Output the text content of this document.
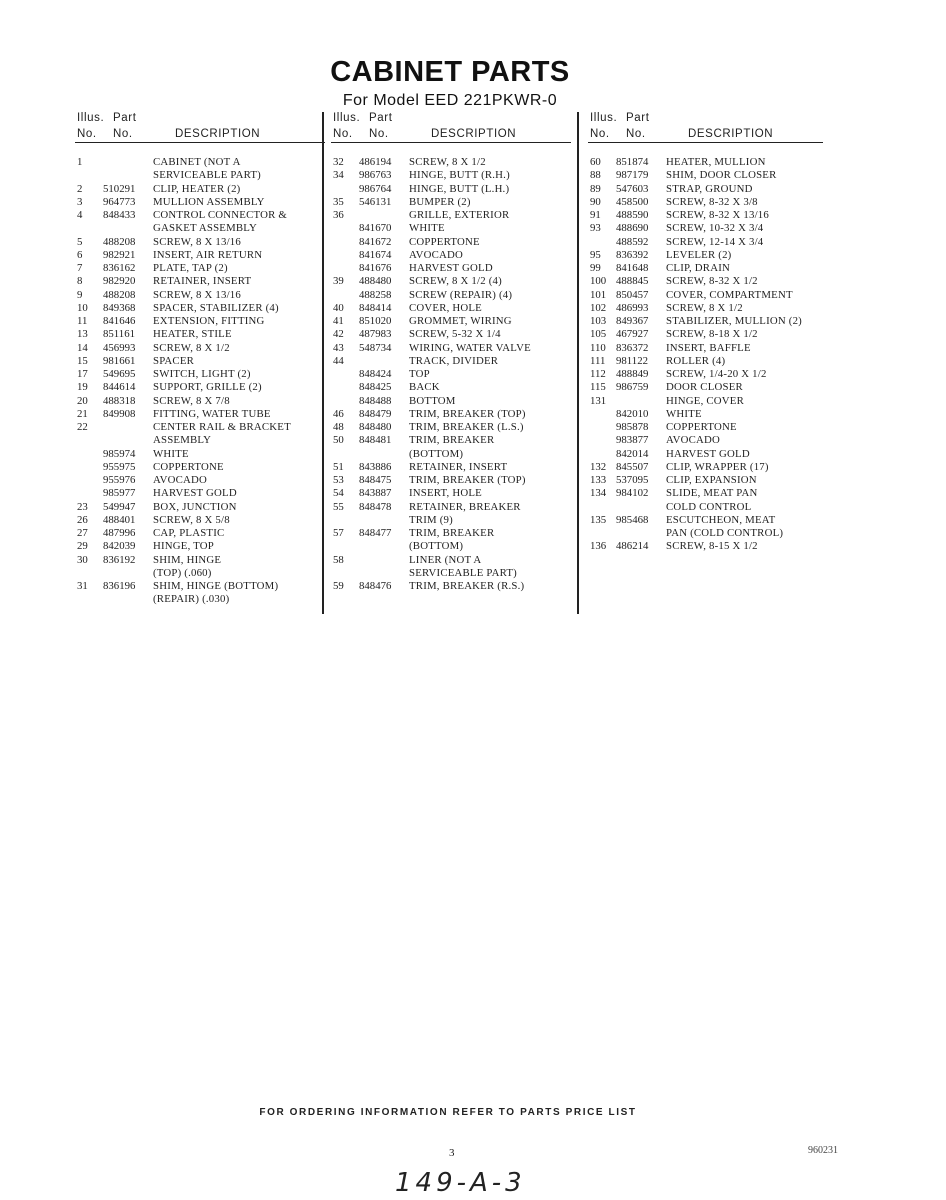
CABINET PARTS
For Model EED 221PKWR-0
Illus. Part
No. No.	DESCRIPTION
1	CABINET (NOT A
SERVICEABLE PART)
2	510291 CLIP, HEATER (2)
3	964773 MULLION ASSEMBLY
4	848433 CONTROL CONNECTOR &
GASKET ASSEMBLY
5	488208 SCREW, 8 X 13/16
6	982921 INSERT, AIR RETURN
7	836162 PLATE, TAP (2)
8	982920 RETAINER, INSERT
9	488208 SCREW, 8 X 13/16
10	849368 SPACER, STABILIZER (4)
11	841646 EXTENSION, FITTING
13	851161 HEATER, STILE
14	456993 SCREW, 8 X 1/2
15	981661 SPACER
17	549695 SWITCH, LIGHT (2)
19	844614 SUPPORT, GRILLE (2)
20	488318 SCREW, 8 X 7/8
21	849908 FITTING, WATER TUBE
22	CENTER RAIL & BRACKET
ASSEMBLY
985974 WHITE
955975 COPPERTONE
955976 AVOCADO
985977 HARVEST GOLD
23	549947 BOX, JUNCTION
26	488401 SCREW, 8 X 5/8
27	487996 CAP, PLASTIC
29	842039 HINGE, TOP
30	836192 SHIM, HINGE
(TOP) (.060)
31	836196 SHIM, HINGE (BOTTOM)
(REPAIR) (.030)
Illus. Part
No. No.	DESCRIPTION
32	486194 SCREW, 8 X 1/2
34	986763 HINGE, BUTT (R.H.)
986764 HINGE, BUTT (L.H.)
35	546131 BUMPER (2)
36	GRILLE, EXTERIOR
841670 WHITE
841672 COPPERTONE
841674 AVOCADO
841676 HARVEST GOLD
39	488480 SCREW, 8 X 1/2 (4)
488258 SCREW (REPAIR) (4)
40	848414 COVER, HOLE
41	851020 GROMMET, WIRING
42	487983 SCREW, 5-32 X 1/4
43	548734 WIRING, WATER VALVE
44	TRACK, DIVIDER
848424 TOP
848425 BACK
848488 BOTTOM
46	848479 TRIM, BREAKER (TOP)
48	848480 TRIM, BREAKER (L.S.)
50	848481 TRIM, BREAKER
(BOTTOM)
51	843886 RETAINER, INSERT
53	848475 TRIM, BREAKER (TOP)
54	843887 INSERT, HOLE
55	848478 RETAINER, BREAKER
TRIM (9)
57	848477 TRIM, BREAKER
(BOTTOM)
58	LINER (NOT A
SERVICEABLE PART)
59	848476 TRIM, BREAKER (R.S.)
Illus. Part
No. No.	DESCRIPTION
60	851874 HEATER, MULLION
88	987179 SHIM, DOOR CLOSER
89	547603 STRAP, GROUND
90	458500 SCREW, 8-32 X 3/8
91	488590 SCREW, 8-32 X 13/16
93	488690 SCREW, 10-32 X 3/4
488592 SCREW, 12-14 X 3/4
95	836392 LEVELER (2)
99	841648 CLIP, DRAIN
100 488845 SCREW, 8-32 X 1/2
101 850457 COVER, COMPARTMENT
102 486993 SCREW, 8 X 1/2
103 849367 STABILIZER, MULLION (2)
105 467927 SCREW, 8-18 X 1/2
110 836372 INSERT, BAFFLE
111 981122 ROLLER (4)
112 488849 SCREW, 1/4-20 X 1/2
115 986759 DOOR CLOSER
131	HINGE, COVER
842010 WHITE
985878 COPPERTONE
983877 AVOCADO
842014 HARVEST GOLD
132 845507 CLIP, WRAPPER (17)
133 537095 CLIP, EXPANSION
134 984102 SLIDE, MEAT PAN
COLD CONTROL
135 985468 ESCUTCHEON, MEAT
PAN (COLD CONTROL)
136 486214 SCREW, 8-15 X 1/2
FOR ORDERING INFORMATION REFER TO PARTS PRICE LIST
3	960231
149-A-3
